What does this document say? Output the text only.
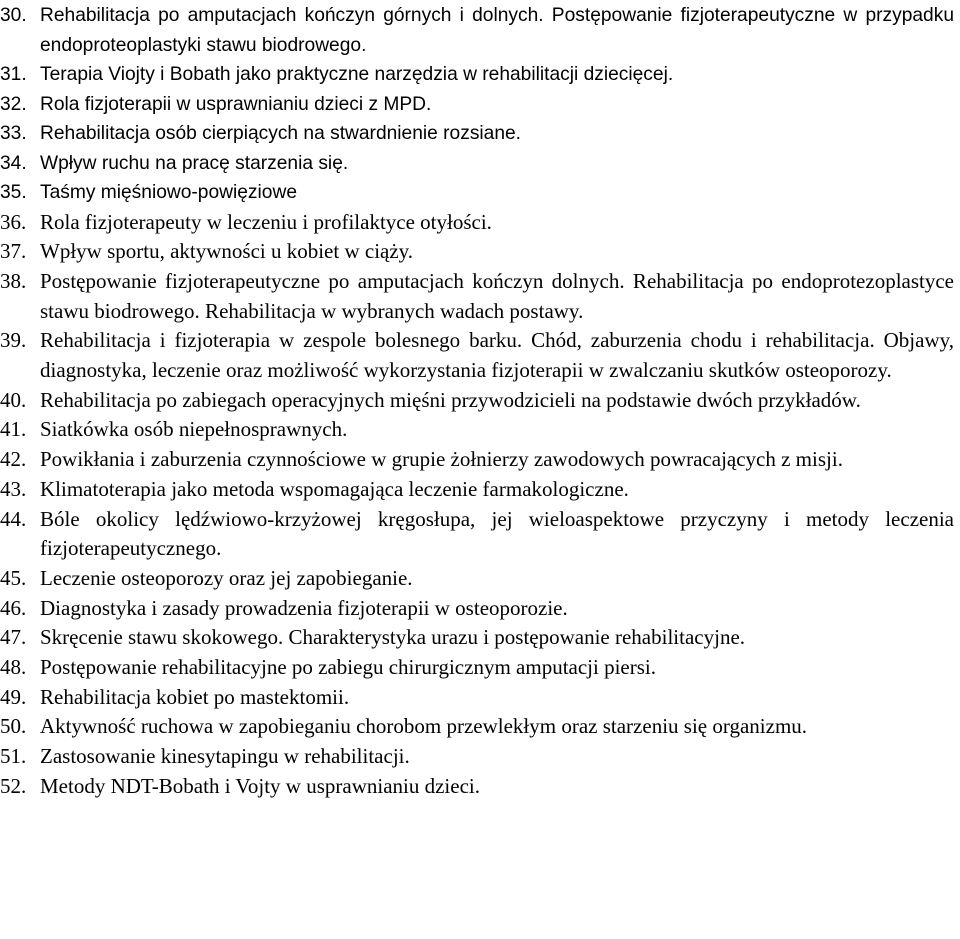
30. Rehabilitacja po amputacjach kończyn górnych i dolnych. Postępowanie fizjoterapeutyczne w przypadku endoproteoplastyki stawu biodrowego.
31. Terapia Viojty i Bobath jako praktyczne narzędzia w rehabilitacji dziecięcej.
32. Rola fizjoterapii w usprawnianiu dzieci z MPD.
33. Rehabilitacja osób cierpiących na stwardnienie rozsiane.
34. Wpływ ruchu na pracę starzenia się.
35. Taśmy mięśniowo-powięziowe
36. Rola fizjoterapeuty w leczeniu i profilaktyce otyłości.
37. Wpływ sportu, aktywności u kobiet w ciąży.
38. Postępowanie fizjoterapeutyczne po amputacjach kończyn dolnych. Rehabilitacja po endoprotezoplastyce stawu biodrowego. Rehabilitacja w wybranych wadach postawy.
39. Rehabilitacja i fizjoterapia w zespole bolesnego barku. Chód, zaburzenia chodu i rehabilitacja. Objawy, diagnostyka, leczenie oraz możliwość wykorzystania fizjoterapii w zwalczaniu skutków osteoporozy.
40. Rehabilitacja po zabiegach operacyjnych mięśni przywodzicieli na podstawie dwóch przykładów.
41. Siatkówka osób niepełnosprawnych.
42. Powikłania i zaburzenia czynnościowe w grupie żołnierzy zawodowych powracających z misji.
43. Klimatoterapia jako metoda wspomagająca leczenie farmakologiczne.
44. Bóle okolicy lędźwiowo-krzyżowej kręgosłupa, jej wieloaspektowe przyczyny i metody leczenia fizjoterapeutycznego.
45. Leczenie osteoporozy oraz jej zapobieganie.
46. Diagnostyka i zasady prowadzenia fizjoterapii w osteoporozie.
47. Skręcenie stawu skokowego. Charakterystyka urazu i postępowanie rehabilitacyjne.
48. Postępowanie rehabilitacyjne po zabiegu chirurgicznym amputacji piersi.
49. Rehabilitacja kobiet po mastektomii.
50. Aktywność ruchowa w zapobieganiu chorobom przewlekłym oraz starzeniu się organizmu.
51. Zastosowanie kinesytapingu w rehabilitacji.
52. Metody NDT-Bobath i Vojty w usprawnianiu dzieci.
